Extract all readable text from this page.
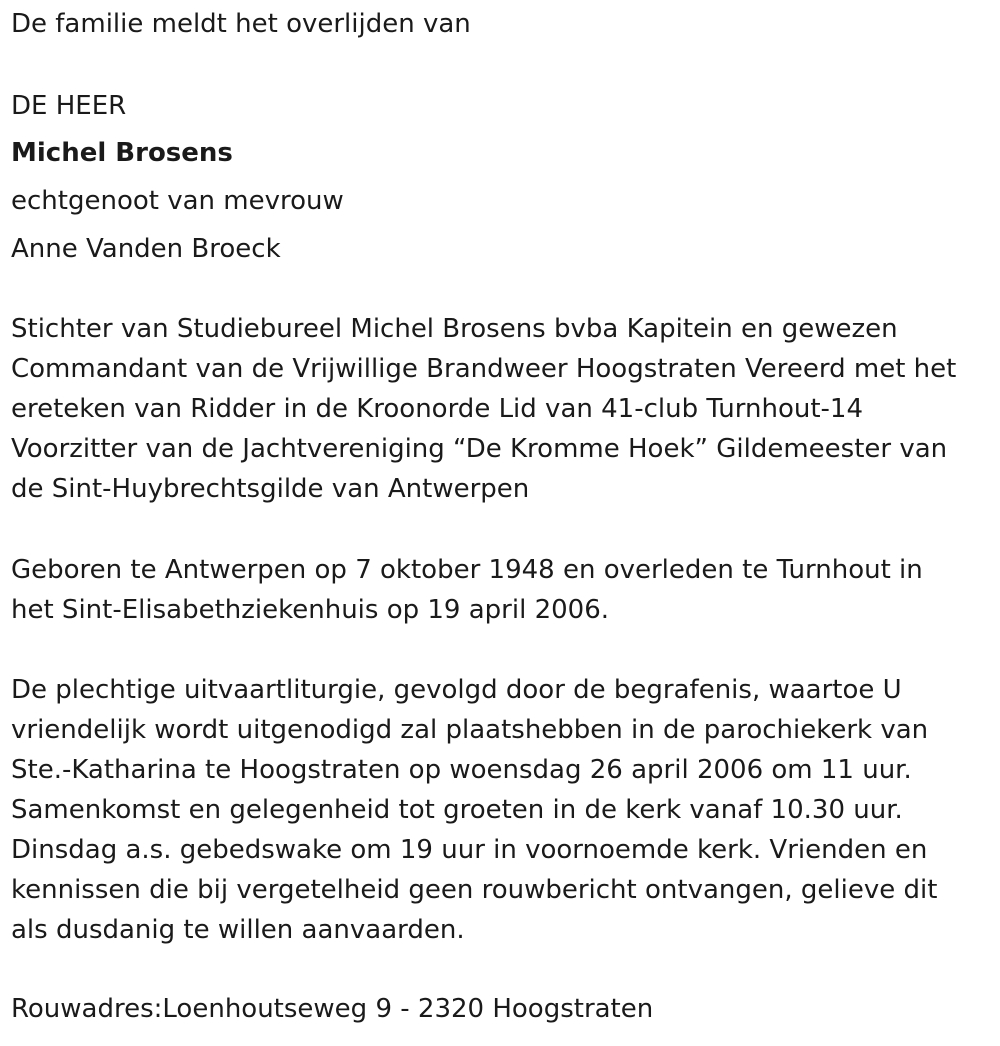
De familie meldt het overlijden van
DE HEER
Michel Brosens
echtgenoot van mevrouw
Anne Vanden Broeck
Stichter van Studiebureel Michel Brosens bvba Kapitein en gewezen
Commandant van de Vrijwillige Brandweer Hoogstraten Vereerd met het
ereteken van Ridder in de Kroonorde Lid van 41-club Turnhout-14
Voorzitter van de Jachtvereniging “De Kromme Hoek” Gildemeester van
de Sint-Huybrechtsgilde van Antwerpen
Geboren te Antwerpen op 7 oktober 1948 en overleden te Turnhout in
het Sint-Elisabethziekenhuis op 19 april 2006.
De plechtige uitvaartliturgie, gevolgd door de begrafenis, waartoe U
vriendelijk wordt uitgenodigd zal plaatshebben in de parochiekerk van
Ste.-Katharina te Hoogstraten op woensdag 26 april 2006 om 11 uur.
Samenkomst en gelegenheid tot groeten in de kerk vanaf 10.30 uur.
Dinsdag a.s. gebedswake om 19 uur in voornoemde kerk. Vrienden en
kennissen die bij vergetelheid geen rouwbericht ontvangen, gelieve dit
als dusdanig te willen aanvaarden.
Rouwadres:Loenhoutseweg 9 - 2320 Hoogstraten
